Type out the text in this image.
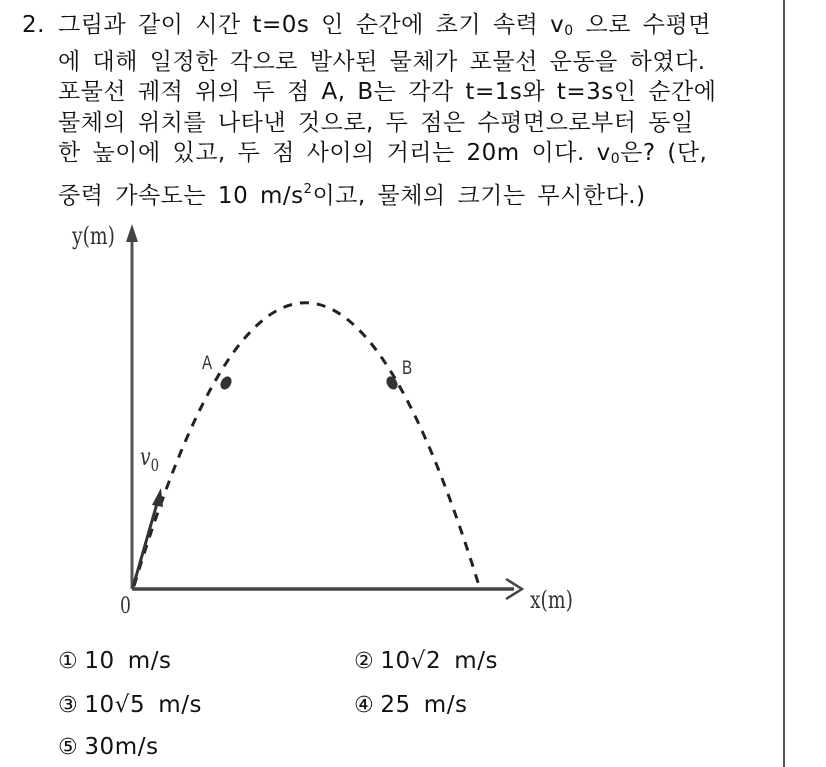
2. 그림과 같이 시간 t=0s 인 순간에 초기 속력 $v_0$ 으로 수평면
에 대해 일정한 각으로 발사된 물체가 포물선 운동을 하였다.
포물선 궤적 위의 두 점 A, B는 각각 t=1s와 t=3s인 순간에
물체의 위치를 나타낸 것으로, 두 점은 수평면으로부터 동일
한 높이에 있고, 두 점 사이의 거리는 20m 이다. $v_0$은? (단,
중력 가속도는 10 $m/s^2$이고, 물체의 크기는 무시한다.)
y(m)
x(m)
0
$v_0$
A	B
① 10 m/s	② 10√2 m/s
③ 10√5 m/s	④ 25 m/s
⑤ 30m/s
